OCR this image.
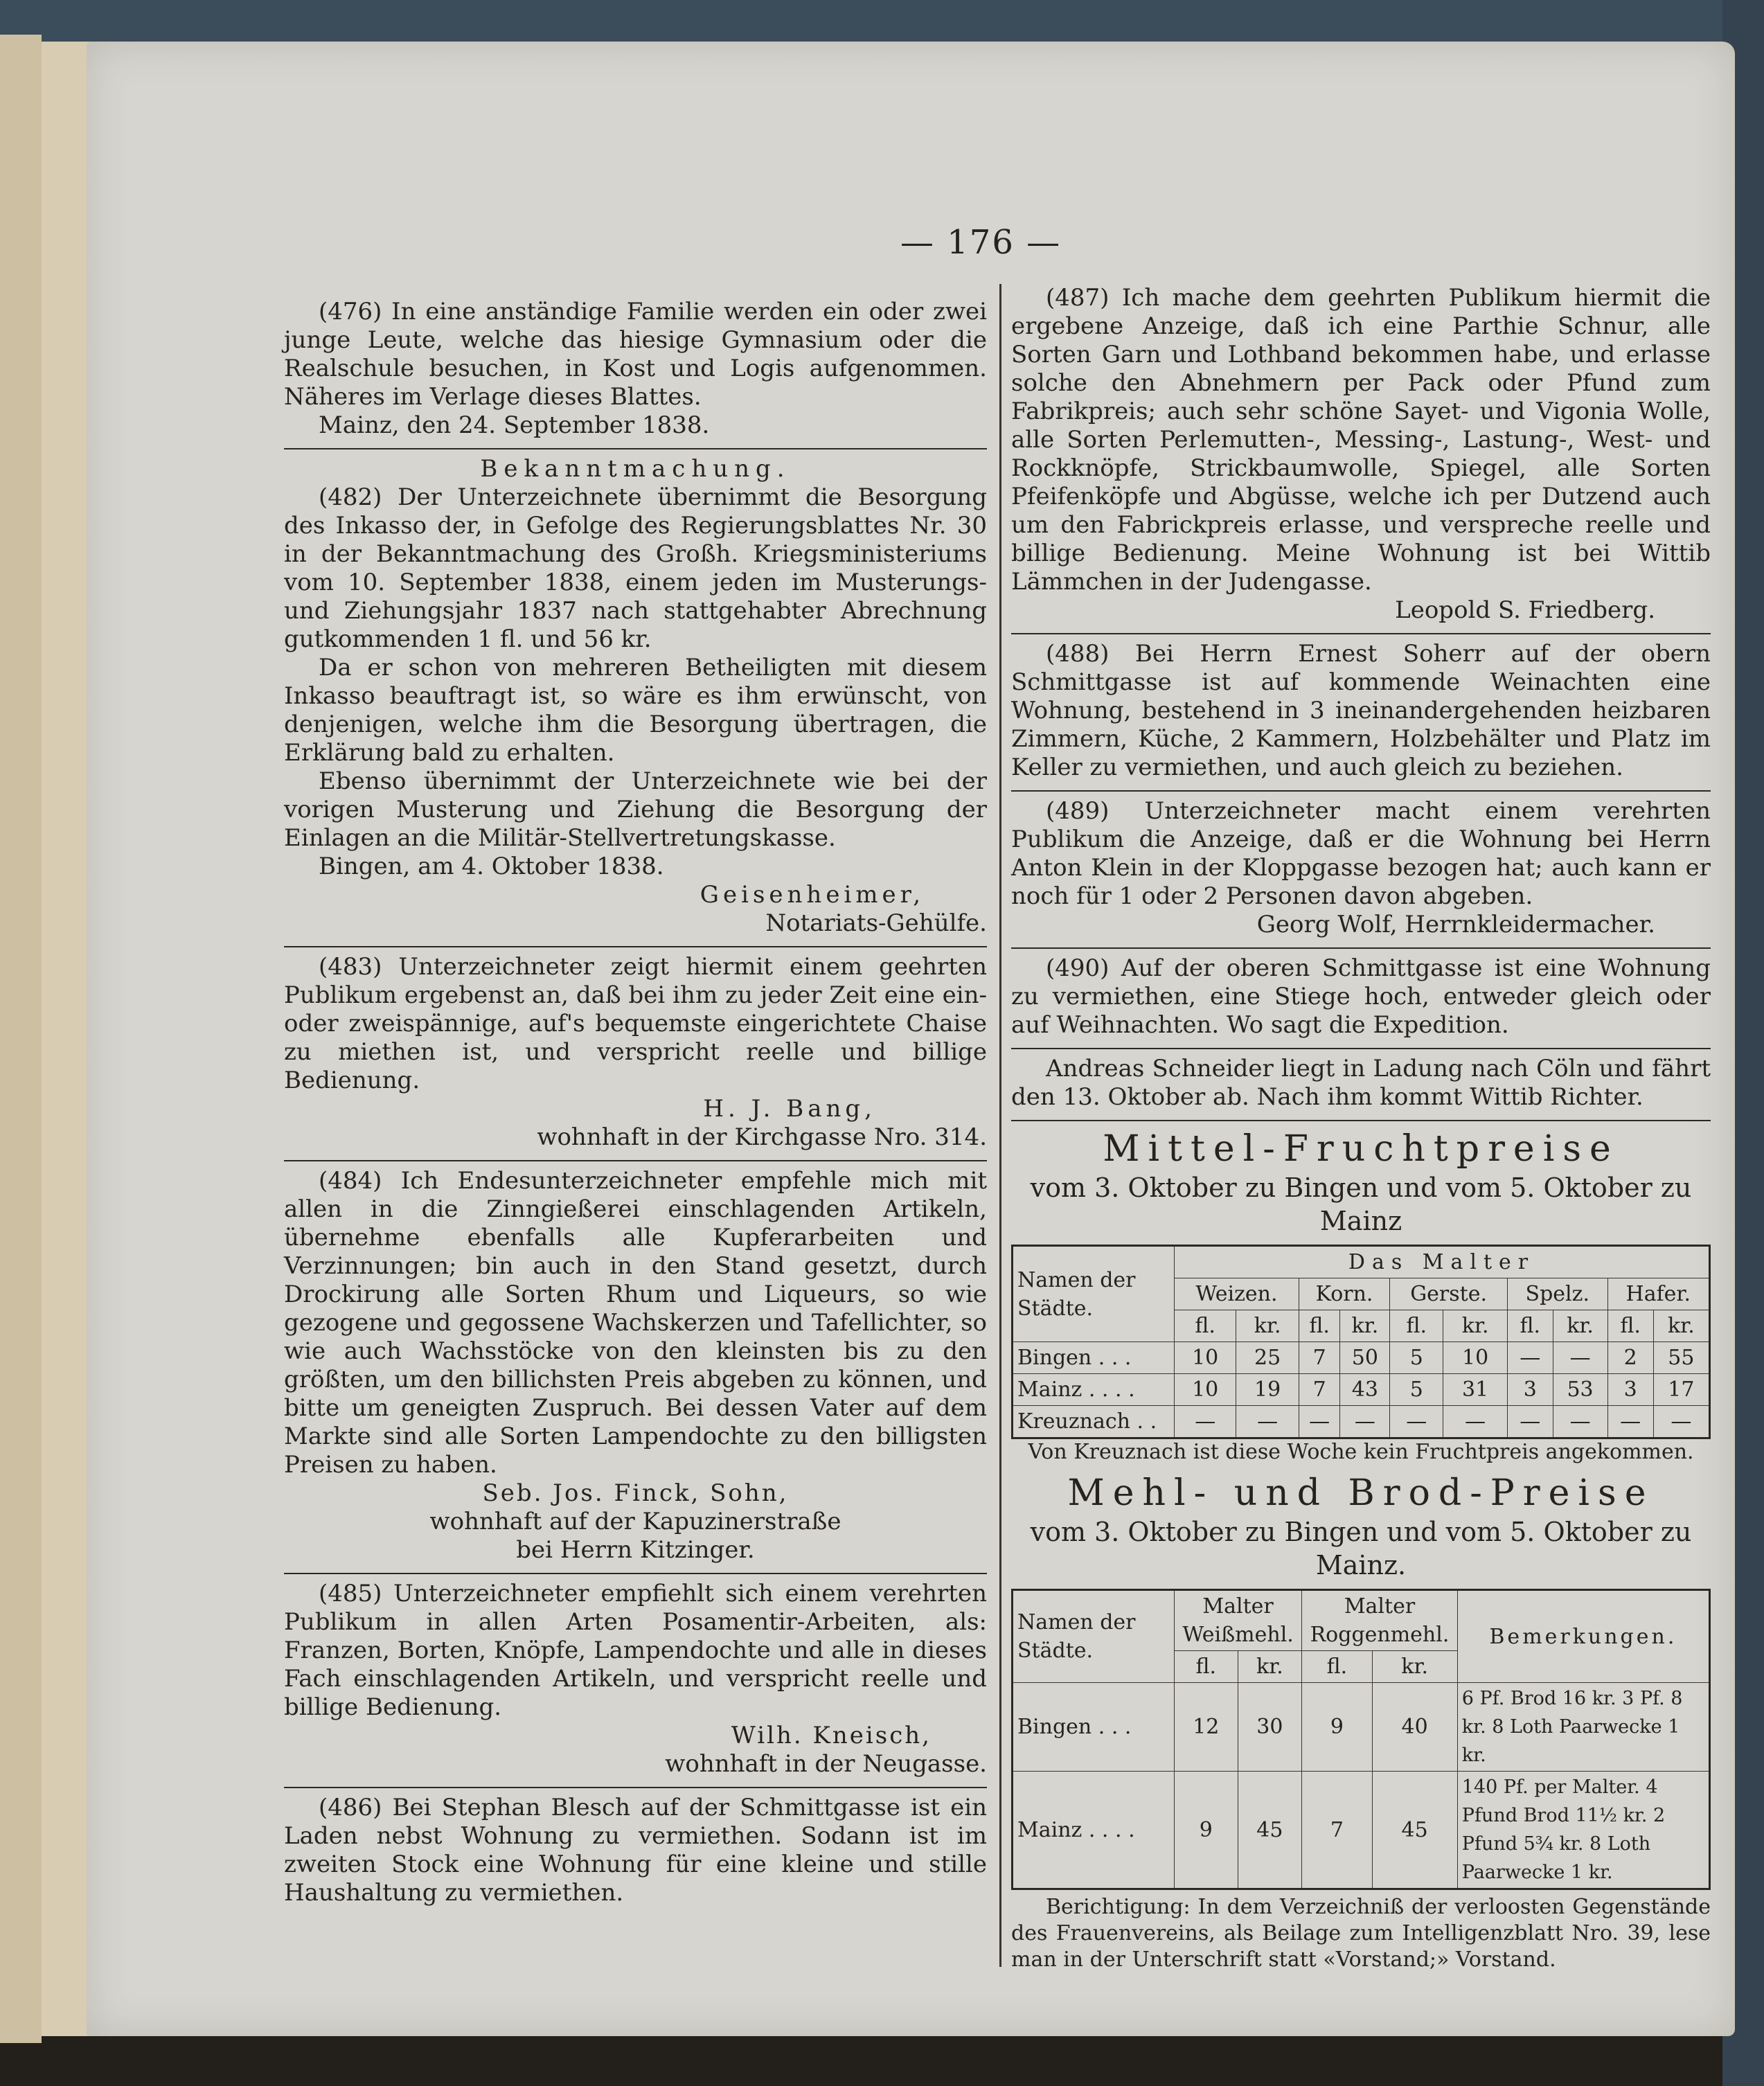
— 176 —

(476) In eine anständige Familie werden ein oder zwei junge Leute, welche das hiesige Gymnasium oder die Realschule besuchen, in Kost und Logis aufgenommen. Näheres im Verlage dieses Blattes.

Mainz, den 24. September 1838.

Bekanntmachung.

(482) Der Unterzeichnete übernimmt die Besorgung des Inkasso der, in Gefolge des Regierungsblattes Nr. 30 in der Bekanntmachung des Großh. Kriegsministeriums vom 10. September 1838, einem jeden im Musterungs- und Ziehungsjahr 1837 nach stattgehabter Abrechnung gutkommenden 1 fl. und 56 kr.

Da er schon von mehreren Betheiligten mit diesem Inkasso beauftragt ist, so wäre es ihm erwünscht, von denjenigen, welche ihm die Besorgung übertragen, die Erklärung bald zu erhalten.

Ebenso übernimmt der Unterzeichnete wie bei der vorigen Musterung und Ziehung die Besorgung der Einlagen an die Militär-Stellvertretungskasse.

Bingen, am 4. Oktober 1838.

Geisenheimer,

Notariats-Gehülfe.

(483) Unterzeichneter zeigt hiermit einem geehrten Publikum ergebenst an, daß bei ihm zu jeder Zeit eine ein- oder zweispännige, auf's bequemste eingerichtete Chaise zu miethen ist, und verspricht reelle und billige Bedienung.

H. J. Bang,

wohnhaft in der Kirchgasse Nro. 314.

(484) Ich Endesunterzeichneter empfehle mich mit allen in die Zinngießerei einschlagenden Artikeln, übernehme ebenfalls alle Kupferarbeiten und Verzinnungen; bin auch in den Stand gesetzt, durch Drockirung alle Sorten Rhum und Liqueurs, so wie gezogene und gegossene Wachskerzen und Tafellichter, so wie auch Wachsstöcke von den kleinsten bis zu den größten, um den billichsten Preis abgeben zu können, und bitte um geneigten Zuspruch. Bei dessen Vater auf dem Markte sind alle Sorten Lampendochte zu den billigsten Preisen zu haben.

Seb. Jos. Finck, Sohn,

wohnhaft auf der Kapuzinerstraße

bei Herrn Kitzinger.

(485) Unterzeichneter empfiehlt sich einem verehrten Publikum in allen Arten Posamentir-Arbeiten, als: Franzen, Borten, Knöpfe, Lampendochte und alle in dieses Fach einschlagenden Artikeln, und verspricht reelle und billige Bedienung.

Wilh. Kneisch,

wohnhaft in der Neugasse.

(486) Bei Stephan Blesch auf der Schmittgasse ist ein Laden nebst Wohnung zu vermiethen. Sodann ist im zweiten Stock eine Wohnung für eine kleine und stille Haushaltung zu vermiethen.

(487) Ich mache dem geehrten Publikum hiermit die ergebene Anzeige, daß ich eine Parthie Schnur, alle Sorten Garn und Lothband bekommen habe, und erlasse solche den Abnehmern per Pack oder Pfund zum Fabrikpreis; auch sehr schöne Sayet- und Vigonia Wolle, alle Sorten Perlemutten-, Messing-, Lastung-, West- und Rockknöpfe, Strickbaumwolle, Spiegel, alle Sorten Pfeifenköpfe und Abgüsse, welche ich per Dutzend auch um den Fabrickpreis erlasse, und verspreche reelle und billige Bedienung. Meine Wohnung ist bei Wittib Lämmchen in der Judengasse.

Leopold S. Friedberg.

(488) Bei Herrn Ernest Soherr auf der obern Schmittgasse ist auf kommende Weinachten eine Wohnung, bestehend in 3 ineinandergehenden heizbaren Zimmern, Küche, 2 Kammern, Holzbehälter und Platz im Keller zu vermiethen, und auch gleich zu beziehen.

(489) Unterzeichneter macht einem verehrten Publikum die Anzeige, daß er die Wohnung bei Herrn Anton Klein in der Kloppgasse bezogen hat; auch kann er noch für 1 oder 2 Personen davon abgeben.

Georg Wolf, Herrnkleidermacher.

(490) Auf der oberen Schmittgasse ist eine Wohnung zu vermiethen, eine Stiege hoch, entweder gleich oder auf Weihnachten. Wo sagt die Expedition.

Andreas Schneider liegt in Ladung nach Cöln und fährt den 13. Oktober ab. Nach ihm kommt Wittib Richter.

Mittel-Fruchtpreise
vom 3. Oktober zu Bingen und vom 5. Oktober zu Mainz
Namen der Städte.	Das Malter									
	Weizen.		Korn.		Gerste.		Spelz.		Hafer.	
	fl.	kr.	fl.	kr.	fl.	kr.	fl.	kr.	fl.	kr.
Bingen . . .	10	25	7	50	5	10	—	—	2	55
Mainz . . . .	10	19	7	43	5	31	3	53	3	17
Kreuznach . .	—	—	—	—	—	—	—	—	—	—

Von Kreuznach ist diese Woche kein Fruchtpreis angekommen.

Mehl- und Brod-Preise
vom 3. Oktober zu Bingen und vom 5. Oktober zu Mainz.
Namen der Städte.	Malter Weißmehl.		Malter Roggenmehl.		Bemerkungen.
	fl.	kr.	fl.	kr.	
Bingen . . .	12	30	9	40	6 Pf. Brod 16 kr. 3 Pf. 8 kr. 8 Loth Paarwecke 1 kr.
Mainz . . . .	9	45	7	45	140 Pf. per Malter. 4 Pfund Brod 11½ kr. 2 Pfund 5¾ kr. 8 Loth Paarwecke 1 kr.

Berichtigung: In dem Verzeichniß der verloosten Gegenstände des Frauenvereins, als Beilage zum Intelligenzblatt Nro. 39, lese man in der Unterschrift statt «Vorstand;» Vorstand.
